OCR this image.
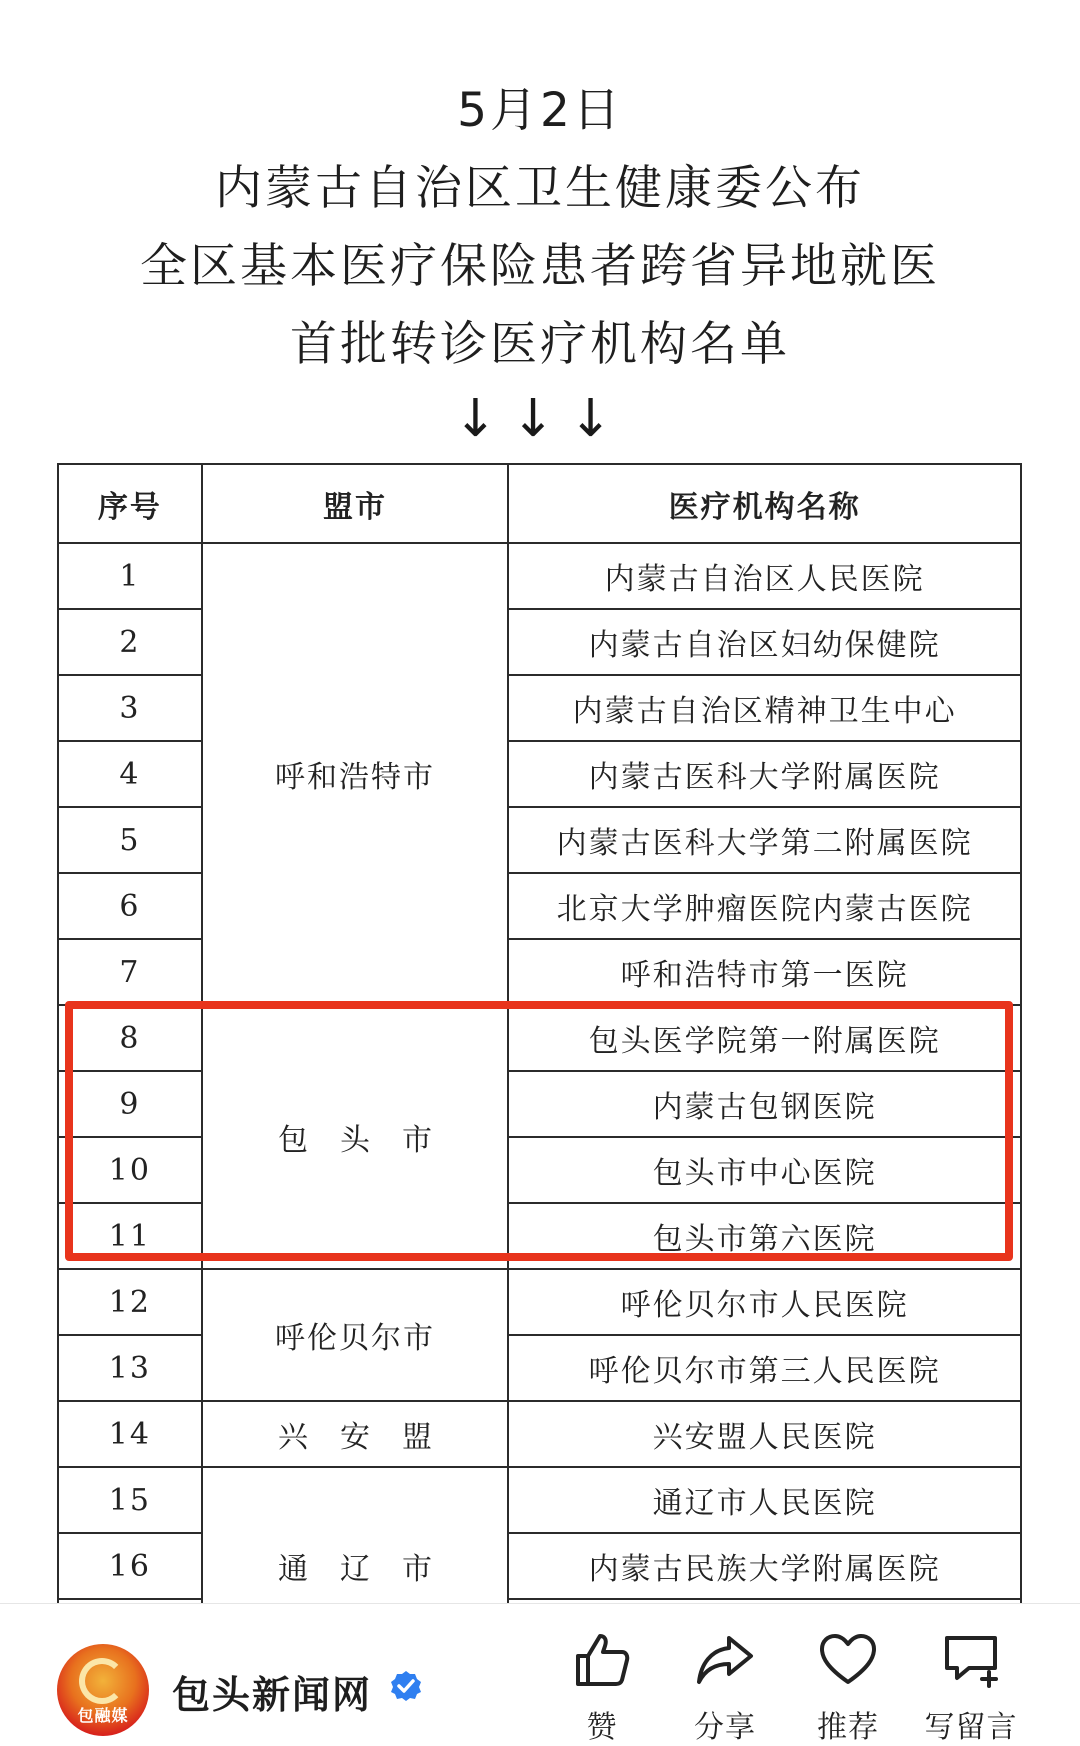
5月2日
内蒙古自治区卫生健康委公布
全区基本医疗保险患者跨省异地就医
首批转诊医疗机构名单
↓↓↓
序号	盟市	医疗机构名称
1	呼和浩特市	内蒙古自治区人民医院
2		内蒙古自治区妇幼保健院
3		内蒙古自治区精神卫生中心
4		内蒙古医科大学附属医院
5		内蒙古医科大学第二附属医院
6		北京大学肿瘤医院内蒙古医院
7		呼和浩特市第一医院
8	包头市	包头医学院第一附属医院
9		内蒙古包钢医院
10		包头市中心医院
11		包头市第六医院
12	呼伦贝尔市	呼伦贝尔市人民医院
13		呼伦贝尔市第三人民医院
14	兴安盟	兴安盟人民医院
15	通辽市	通辽市人民医院
16		内蒙古民族大学附属医院

包融媒	包头新闻网
赞	分享	推荐	写留言
